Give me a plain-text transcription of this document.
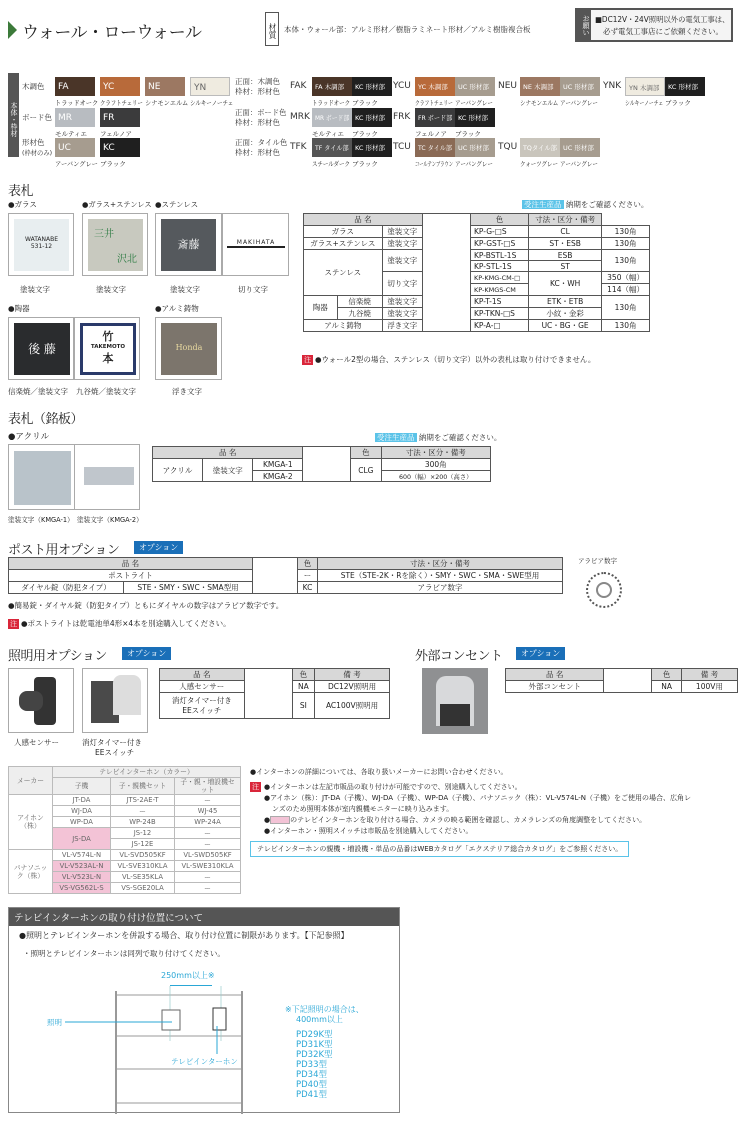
ウォール・ローウォール	材質 本体・ウォール部：アルミ形材／樹脂ラミネート形材／アルミ樹脂複合板	お願い ■DC12V・24V照明以外の電気工事は、
必ず電気工事店にご依頼ください。
本体・枠材
木調色
ボード色
形材色
(枠材のみ)
FA
トラッドオーク
YC
クラフトチェリー
NE
シナモンエルム
YN
シルキーノーチェ
MR
モルティエ
FR
フェルノア
UC
アーバングレー
KC
ブラック
正面：木調色
枠材：形材色
正面：ボード色
枠材：形材色
正面：タイル色
枠材：形材色
FAK	FA 木調部	KC 形材部
トラッドオーク ブラック
YCU	YC 木調部	UC 形材部
クラフトチェリー アーバングレー
NEU NE 木調部	UC 形材部
シナモンエルム アーバングレー
YNK	YN 木調部	KC 形材部
シルキーノーチェ ブラック
MRK MR ボード部 KC 形材部
モルティエ ブラック
FRK	FR ボード部 KC 形材部
フェルノア ブラック
TFK	TF タイル部 KC 形材部
スチールダーク ブラック
TCU	TC タイル部 UC 形材部
コールテンブラウン アーバングレー
TQU TQタイル部 UC 形材部
クォーツグレー アーバングレー
表札
●ガラス	●ガラス+ステンレス ●ステンレス
●陶器	●アルミ鋳物
WATANABE
531-12
三井
沢北
斎藤	MAKIHATA
塗装文字	塗装文字	塗装文字	切り文字
後 藤
竹
TAKEMOTO
本
Honda
信楽焼／塗装文字 九谷焼／塗装文字	浮き文字
受注生産品 納期をご確認ください。
品 名				色	寸法・区分・備考	
ガラス		塗装文字		KP-G-□S	CL	130角
ガラス+ステンレス		塗装文字		KP-GST-□S	ST・ESB	130角
ステンレス		塗装文字		KP-BSTL-1S	ESB	130角
				KP-STL-1S	ST	
		切り文字		KP-KMG-CM-□	KC・WH	350（幅）
				KP-KMGS-CM		114（幅）
陶器	信楽焼	塗装文字		KP-T-1S	ETK・ETB	130角
	九谷焼	塗装文字		KP-TKN-□S	小紋・金彩	
アルミ鋳物		浮き文字		KP-A-□	UC・BG・GE	130角
注 ●ウォール2型の場合、ステンレス（切り文字）以外の表札は取り付けできません。
表札（銘板）
●アクリル
塗装文字（KMGA-1） 塗装文字（KMGA-2）
受注生産品 納期をご確認ください。
品 名				色	寸法・区分・備考
アクリル	塗装文字	KMGA-1		CLG	300角
		KMGA-2			600（幅）×200（高さ）
ポスト用オプション	オプション
品 名			色	寸法・区分・備考
ポストライト			ー	STE（STE-2K・Rを除く）・SMY・SWC・SMA・SWE型用
ダイヤル錠（防犯タイプ）	STE・SMY・SWC・SMA型用		KC	アラビア数字
アラビア数字
●簡易錠・ダイヤル錠（防犯タイプ）ともにダイヤルの数字はアラビア数字です。
注 ●ポストライトは乾電池単4形×4本を別途購入してください。
照明用オプション	オプション
人感センサー	消灯タイマー付き
EEスイッチ
品 名		色	備 考
人感センサー		NA	DC12V照明用

消灯タイマー付き
EEスイッチ		SI	AC100V照明用
外部コンセント	オプション
品 名		色	備 考
外部コンセント		NA	100V用
メーカー	テレビインターホン（カラー）		
	子機	子・親機セット	子・親・増設機セット
アイホン（株）	JT-DA	JTS-2AE-T	ー
	WJ-DA	ー	WJ-45
	WP-DA	WP-24B	WP-24A
	JS-DA	JS-12	ー
		JS-12E	ー
パナソニック（株）	VL-V574L-N	VL-SVD505KF	VL-SWD505KF
	VL-V523AL-N	VL-SVE310KLA	VL-SWE310KLA
	VL-V523L-N	VL-SE35KLA	ー
	VS-VG562L-S	VS-SGE20LA	ー
●インターホンの詳細については、各取り扱いメーカーにお問い合わせください。
注 ●インターホンは左記市販品の取り付けが可能ですので、別途購入してください。
●アイホン（株）：JT-DA（子機）、WJ-DA（子機）、WP-DA（子機）、パナソニック（株）：VL-V574L-N（子機）をご使用の場合、広角レ
ンズのため照明本体が室内親機モニターに映り込みます。
●	のテレビインターホンを取り付ける場合、カメラの映る範囲を確認し、カメラレンズの角度調整をしてください。
●インターホン・照明スイッチは市販品を別途購入してください。
テレビインターホンの親機・増設機・単品の品番はWEBカタログ「エクステリア総合カタログ」をご参照ください。
テレビインターホンの取り付け位置について
●照明とテレビインターホンを併設する場合、取り付け位置に制限があります。【下記参照】
・照明とテレビインターホンは同列で取り付けてください。
250mm以上※
照明
テレビインターホン
※下記照明の場合は、
400mm以上
PD29K型
PD31K型
PD32K型
PD33型
PD34型
PD40型
PD41型
